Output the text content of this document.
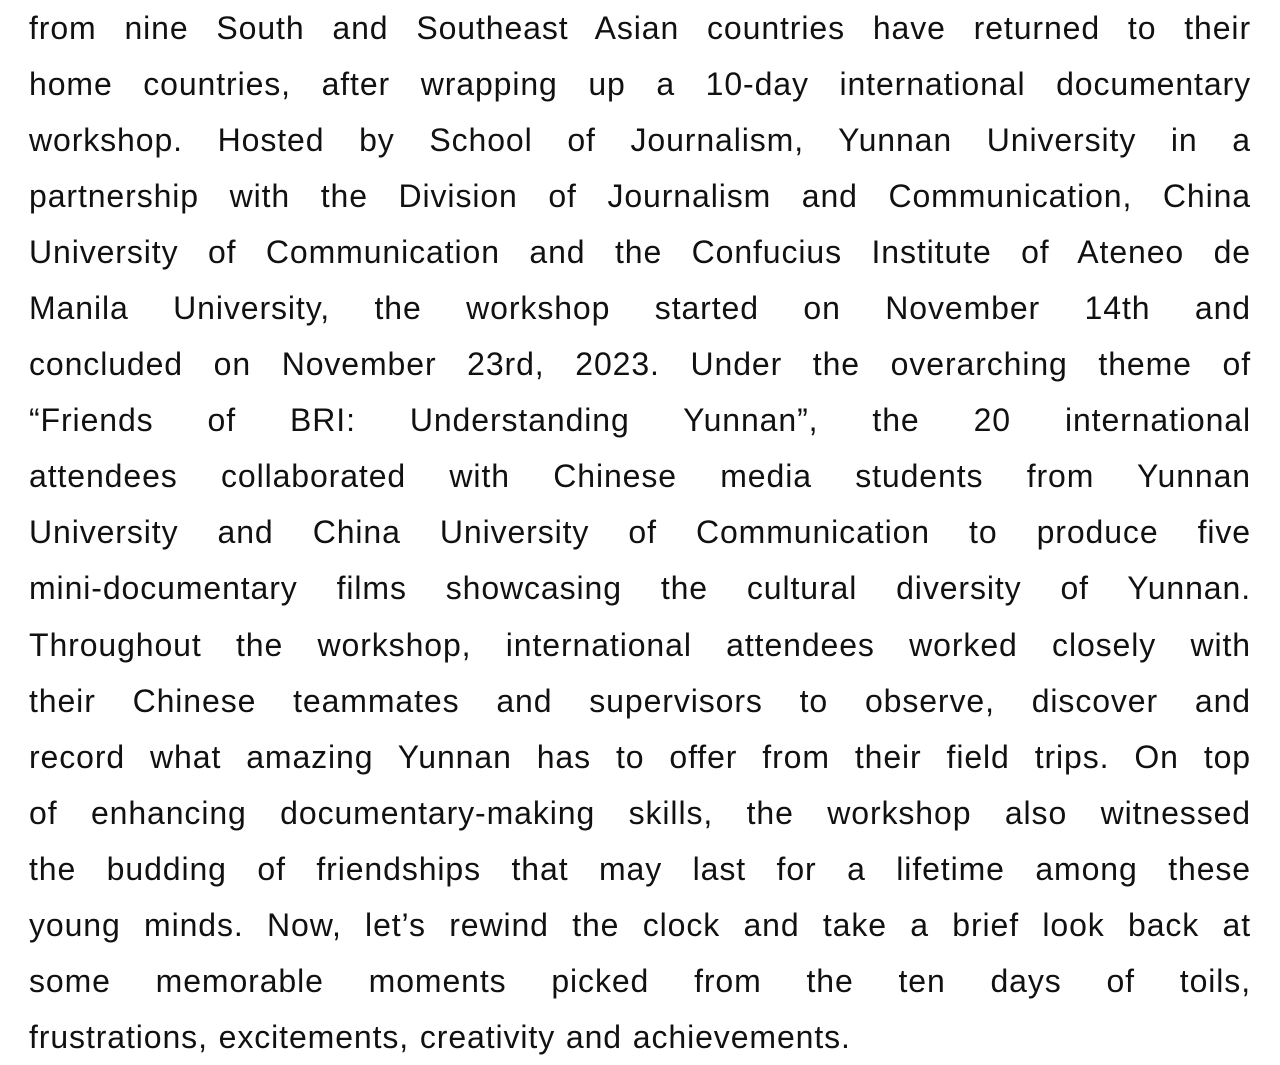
from nine South and Southeast Asian countries have returned to their
home countries, after wrapping up a 10-day international documentary
workshop. Hosted by School of Journalism, Yunnan University in a
partnership with the Division of Journalism and Communication, China
University of Communication and the Confucius Institute of Ateneo de
Manila University, the workshop started on November 14th and
concluded on November 23rd, 2023. Under the overarching theme of
“Friends of BRI: Understanding Yunnan”, the 20 international
attendees collaborated with Chinese media students from Yunnan
University and China University of Communication to produce five
mini-documentary films showcasing the cultural diversity of Yunnan.
Throughout the workshop, international attendees worked closely with
their Chinese teammates and supervisors to observe, discover and
record what amazing Yunnan has to offer from their field trips. On top
of enhancing documentary-making skills, the workshop also witnessed
the budding of friendships that may last for a lifetime among these
young minds. Now, let’s rewind the clock and take a brief look back at
some memorable moments picked from the ten days of toils,
frustrations, excitements, creativity and achievements.
